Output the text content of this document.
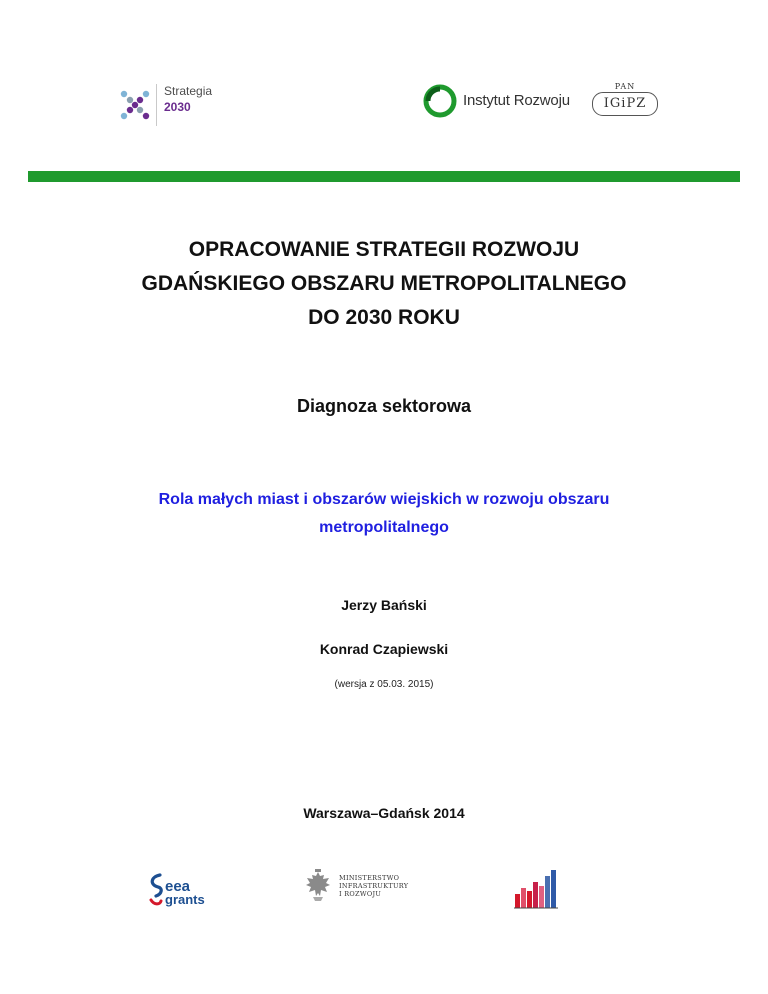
Strategia
2030	Instytut Rozwoju
PAN
IGiPZ
OPRACOWANIE STRATEGII ROZWOJU
GDAŃSKIEGO OBSZARU METROPOLITALNEGO
DO 2030 ROKU
Diagnoza sektorowa
Rola małych miast i obszarów wiejskich w rozwoju obszaru
metropolitalnego
Jerzy Bański
Konrad Czapiewski
(wersja z 05.03. 2015)
Warszawa–Gdańsk 2014
eea
grants
MINISTERSTWO
INFRASTRUKTURY
I ROZWOJU
